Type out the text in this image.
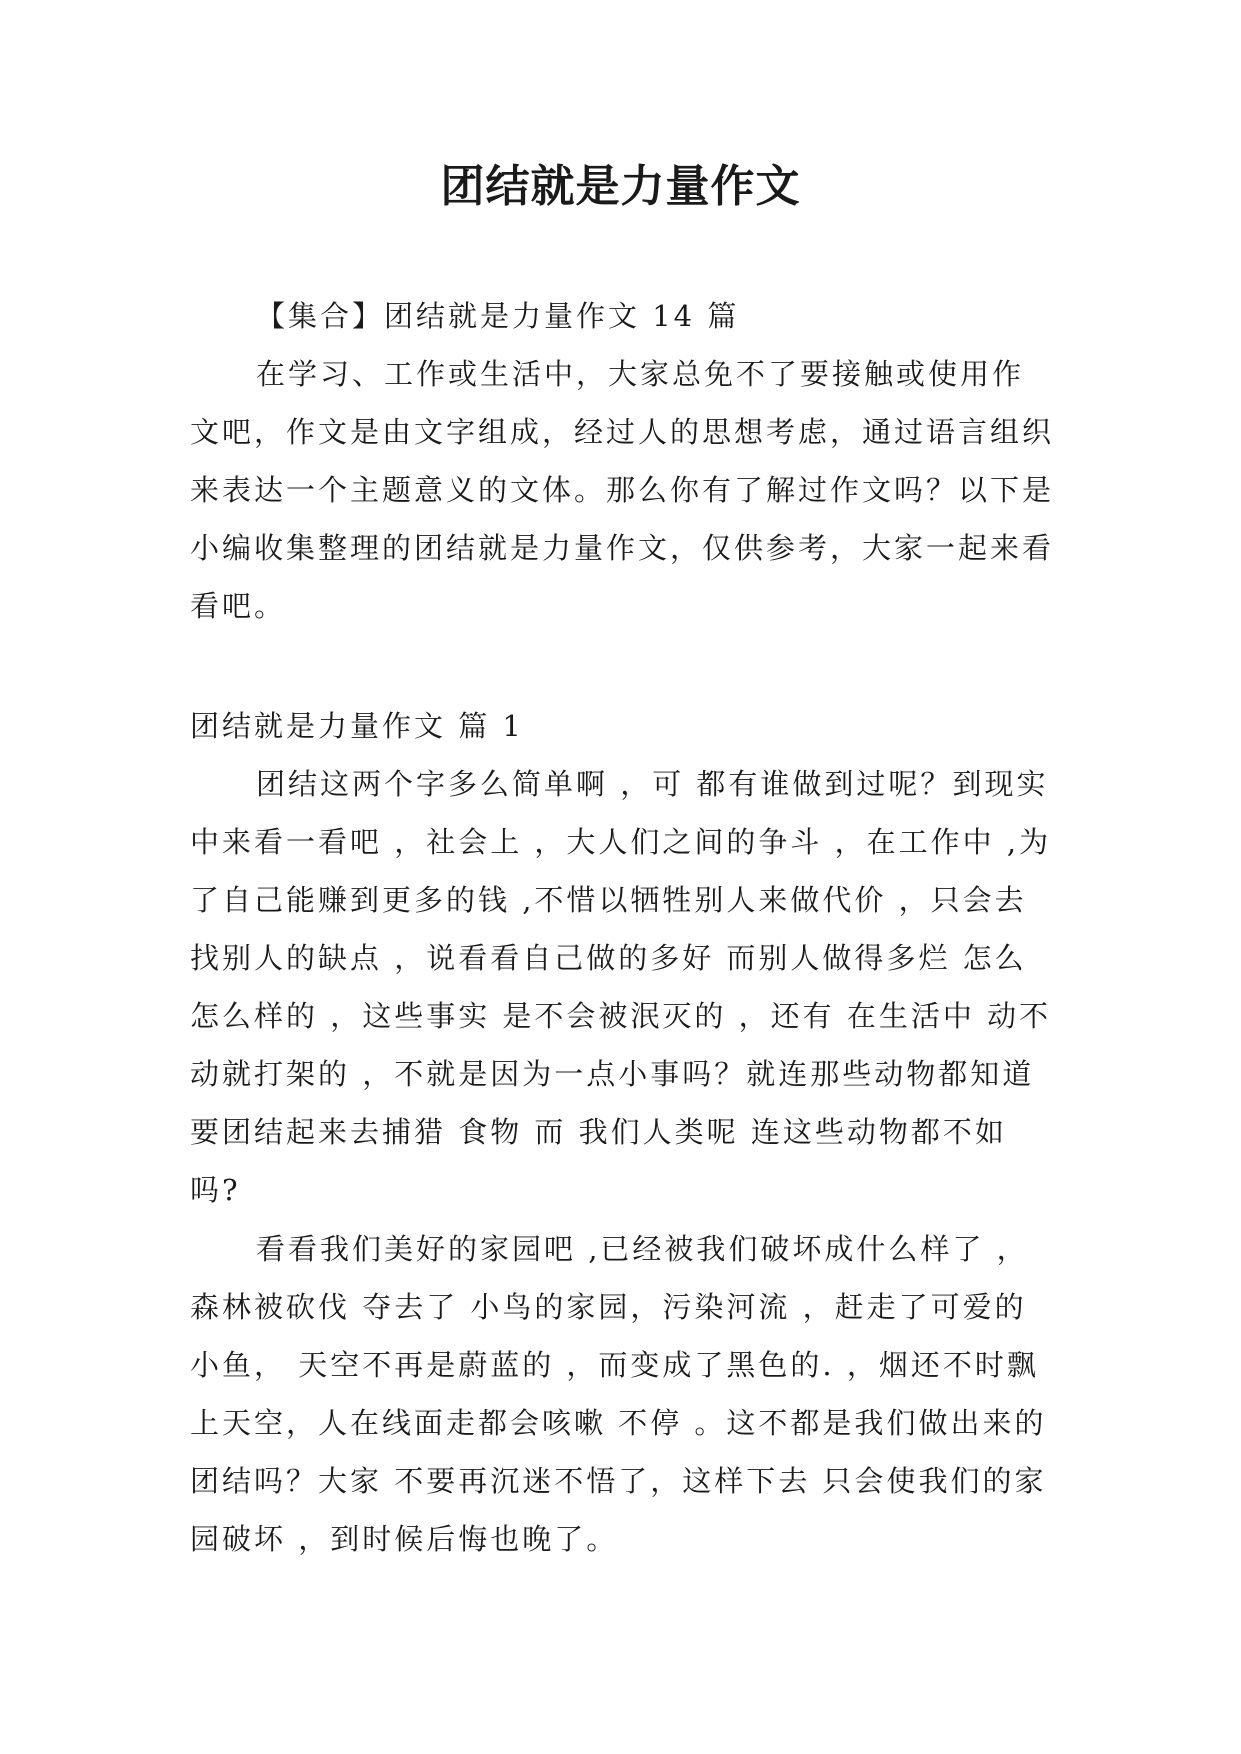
团结就是力量作文

【集合】团结就是力量作文 14 篇

在学习、工作或生活中，大家总免不了要接触或使用作文吧，作文是由文字组成，经过人的思想考虑，通过语言组织来表达一个主题意义的文体。那么你有了解过作文吗？以下是小编收集整理的团结就是力量作文，仅供参考，大家一起来看看吧。

团结就是力量作文 篇 1

团结这两个字多么简单啊 ，可 都有谁做到过呢？到现实中来看一看吧 ，社会上 ，大人们之间的争斗 ，在工作中 ,为了自己能赚到更多的钱 ,不惜以牺牲别人来做代价 ，只会去找别人的缺点 ，说看看自己做的多好 而别人做得多烂 怎么怎么样的 ，这些事实 是不会被泯灭的 ，还有 在生活中 动不动就打架的 ，不就是因为一点小事吗？就连那些动物都知道要团结起来去捕猎 食物 而 我们人类呢 连这些动物都不如吗?

看看我们美好的家园吧 ,已经被我们破坏成什么样了 ，森林被砍伐 夺去了 小鸟的家园，污染河流 ，赶走了可爱的小鱼， 天空不再是蔚蓝的 ，而变成了黑色的. ，烟还不时飘上天空，人在线面走都会咳嗽 不停 。这不都是我们做出来的团结吗？大家 不要再沉迷不悟了，这样下去 只会使我们的家园破坏 ，到时候后悔也晚了。
